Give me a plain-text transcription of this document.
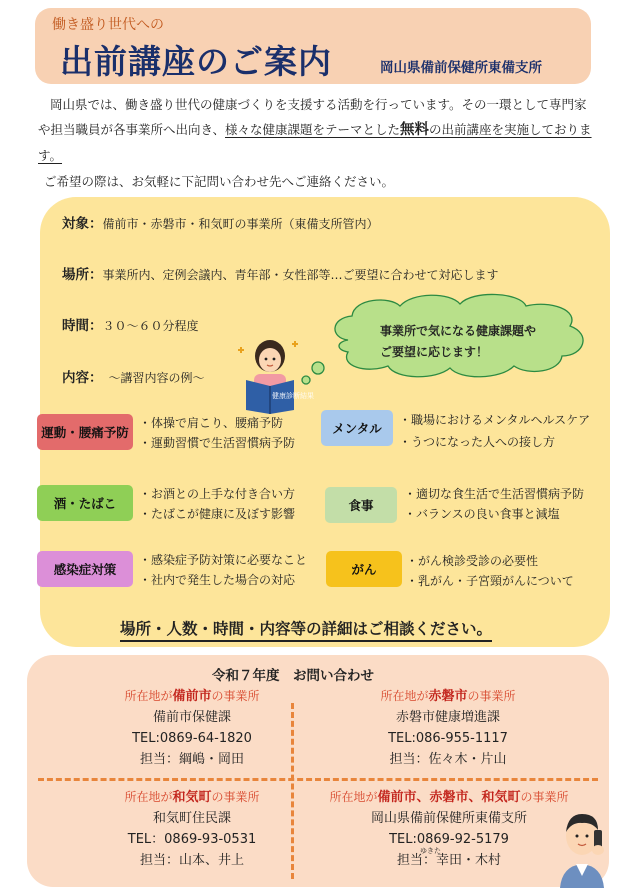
働き盛り世代への
出前講座のご案内	岡山県備前保健所東備支所
岡山県では、働き盛り世代の健康づくりを支援する活動を行っています。その一環として専門家や担当職員が各事業所へ出向き、様々な健康課題をテーマとした無料の出前講座を実施しております。
ご希望の際は、お気軽に下記問い合わせ先へご連絡ください。
対象：備前市・赤磐市・和気町の事業所（東備支所管内）
場所：事業所内、定例会議内、青年部・女性部等…ご要望に合わせて対応します
時間：３０～６０分程度
内容： ～講習内容の例～
健康診断結果
事業所で気になる健康課題や
ご要望に応じます！
運動・腰痛予防
・体操で肩こり、腰痛予防
・運動習慣で生活習慣病予防
メンタル
・職場におけるメンタルヘルスケア
・うつになった人への接し方
酒・たばこ
・お酒との上手な付き合い方
・たばこが健康に及ぼす影響
食事
・適切な食生活で生活習慣病予防
・バランスの良い食事と減塩
感染症対策
・感染症予防対策に必要なこと
・社内で発生した場合の対応
がん
・がん検診受診の必要性
・乳がん・子宮頸がんについて
場所・人数・時間・内容等の詳細はご相談ください。
令和７年度　お問い合わせ
所在地が備前市の事業所
備前市保健課
TEL:0869-64-1820
担当：綱嶋・岡田
所在地が赤磐市の事業所
赤磐市健康増進課
TEL:086-955-1117
担当：佐々木・片山
所在地が和気町の事業所
和気町住民課
TEL：0869-93-0531
担当：山本、井上
所在地が備前市、赤磐市、和気町の事業所
岡山県備前保健所東備支所
TEL:0869-92-5179
担当：幸田・木村
ゆきた
